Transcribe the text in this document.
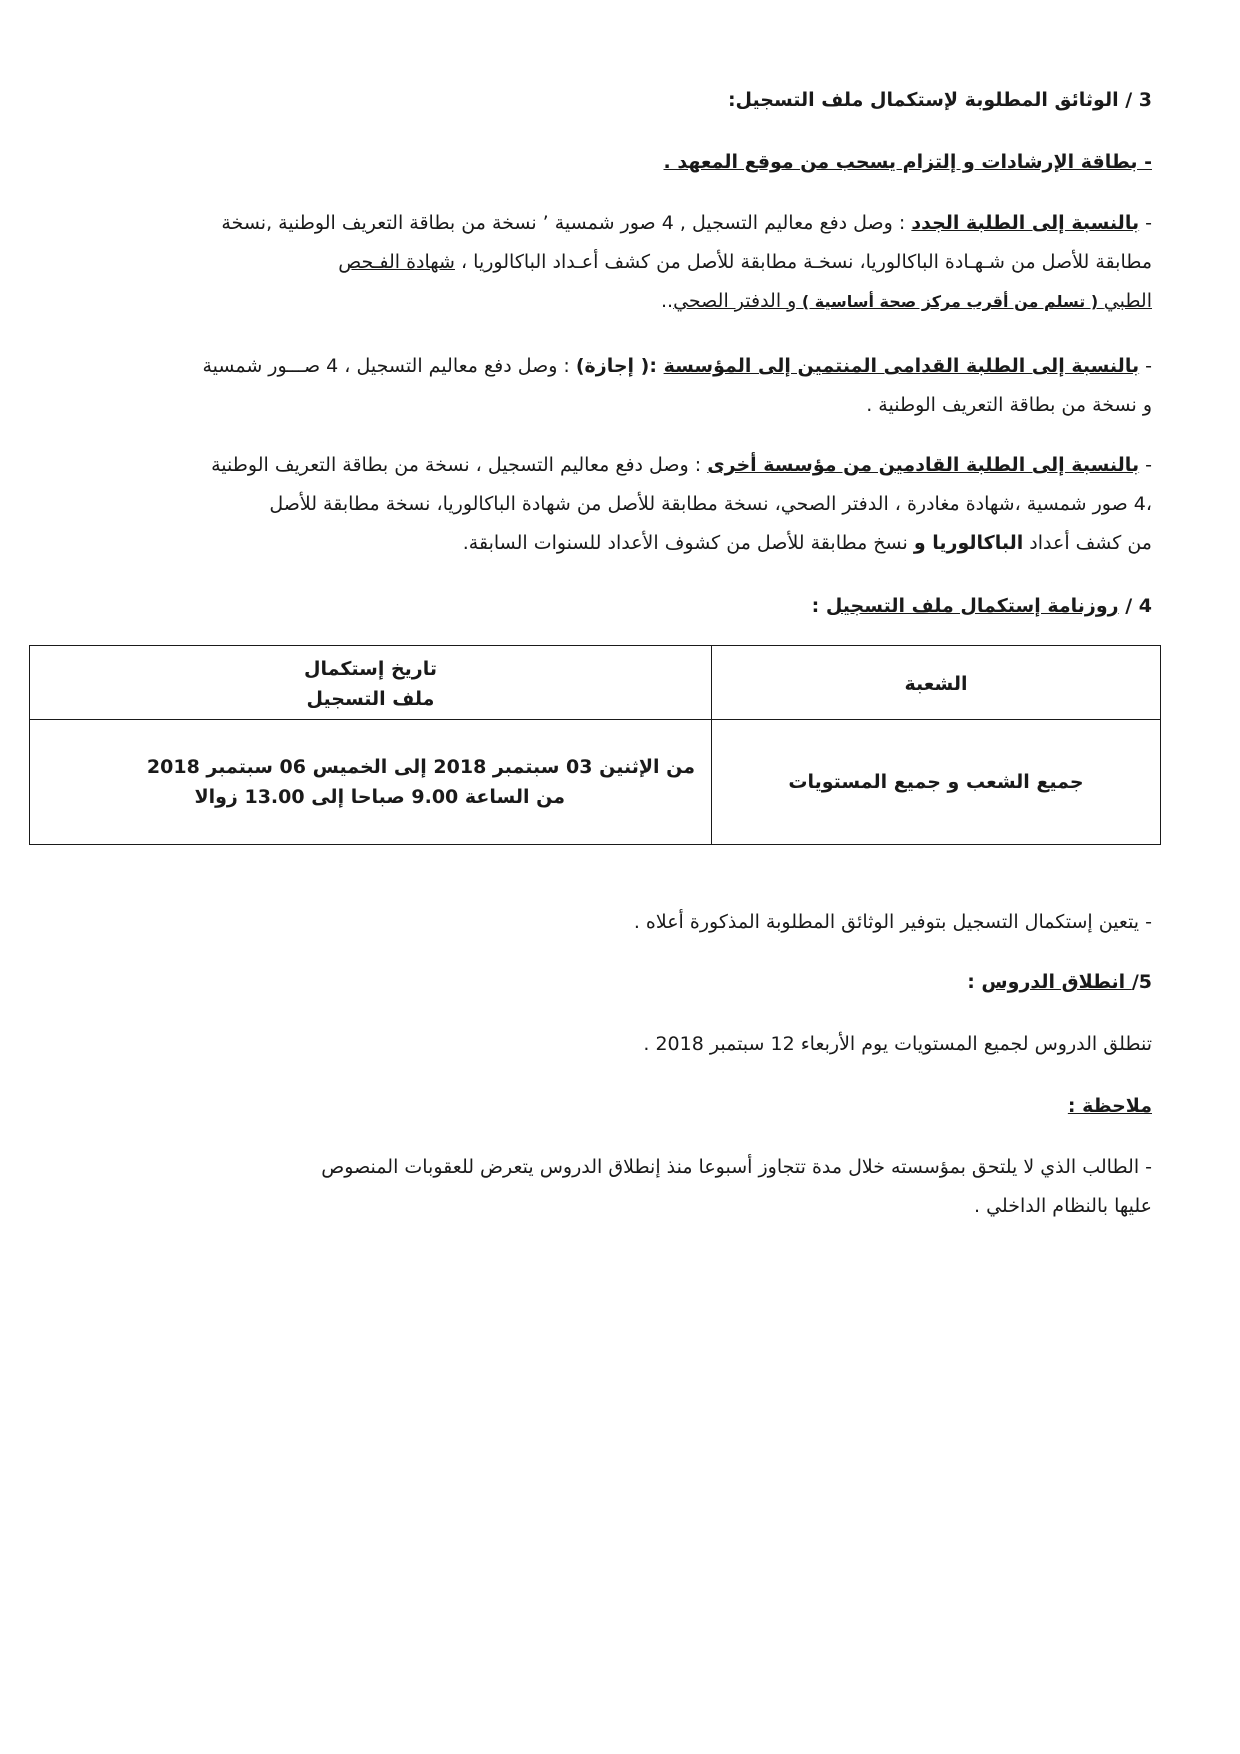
3 / الوثائق المطلوبة لإستكمال ملف التسجيل:
- بطاقة الإرشادات و إلتزام يسحب من موقع المعهد .
- بالنسبة إلى الطلبة الجدد : وصل دفع معاليم التسجيل , 4 صور شمسية ’ نسخة من بطاقة التعريف الوطنية ,نسخة
مطابقة للأصل من شـهـادة الباكالوريا، نسخـة مطابقة للأصل من كشف أعـداد الباكالوريا ، شهادة الفـحص
الطبي ( تسلم من أقرب مركز صحة أساسية ) و الدفتر الصحي..
- بالنسبة إلى الطلبة القدامى المنتمين إلى المؤسسة :( إجازة) : وصل دفع معاليم التسجيل ، 4 صـــور شمسية
و نسخة من بطاقة التعريف الوطنية .
- بالنسبة إلى الطلبة القادمين من مؤسسة أخرى : وصل دفع معاليم التسجيل ، نسخة من بطاقة التعريف الوطنية
،4 صور شمسية ،شهادة مغادرة ، الدفتر الصحي، نسخة مطابقة للأصل من شهادة الباكالوريا، نسخة مطابقة للأصل
من كشف أعداد الباكالوريا و نسخ مطابقة للأصل من كشوف الأعداد للسنوات السابقة.
4 / روزنامة إستكمال ملف التسجيل :
الشعبة	تاريخ إستكمال
ملف التسجيل
جميع الشعب و جميع المستويات	من الإثنين 03 سبتمبر 2018 إلى الخميس 06 سبتمبر 2018
من الساعة 9.00 صباحا إلى 13.00 زوالا
- يتعين إستكمال التسجيل بتوفير الوثائق المطلوبة المذكورة أعلاه .
5/ انطلاق الدروس :
تنطلق الدروس لجميع المستويات يوم الأربعاء 12 سبتمبر 2018 .
ملاحظة :
- الطالب الذي لا يلتحق بمؤسسته خلال مدة تتجاوز أسبوعا منذ إنطلاق الدروس يتعرض للعقوبات المنصوص
عليها بالنظام الداخلي .
